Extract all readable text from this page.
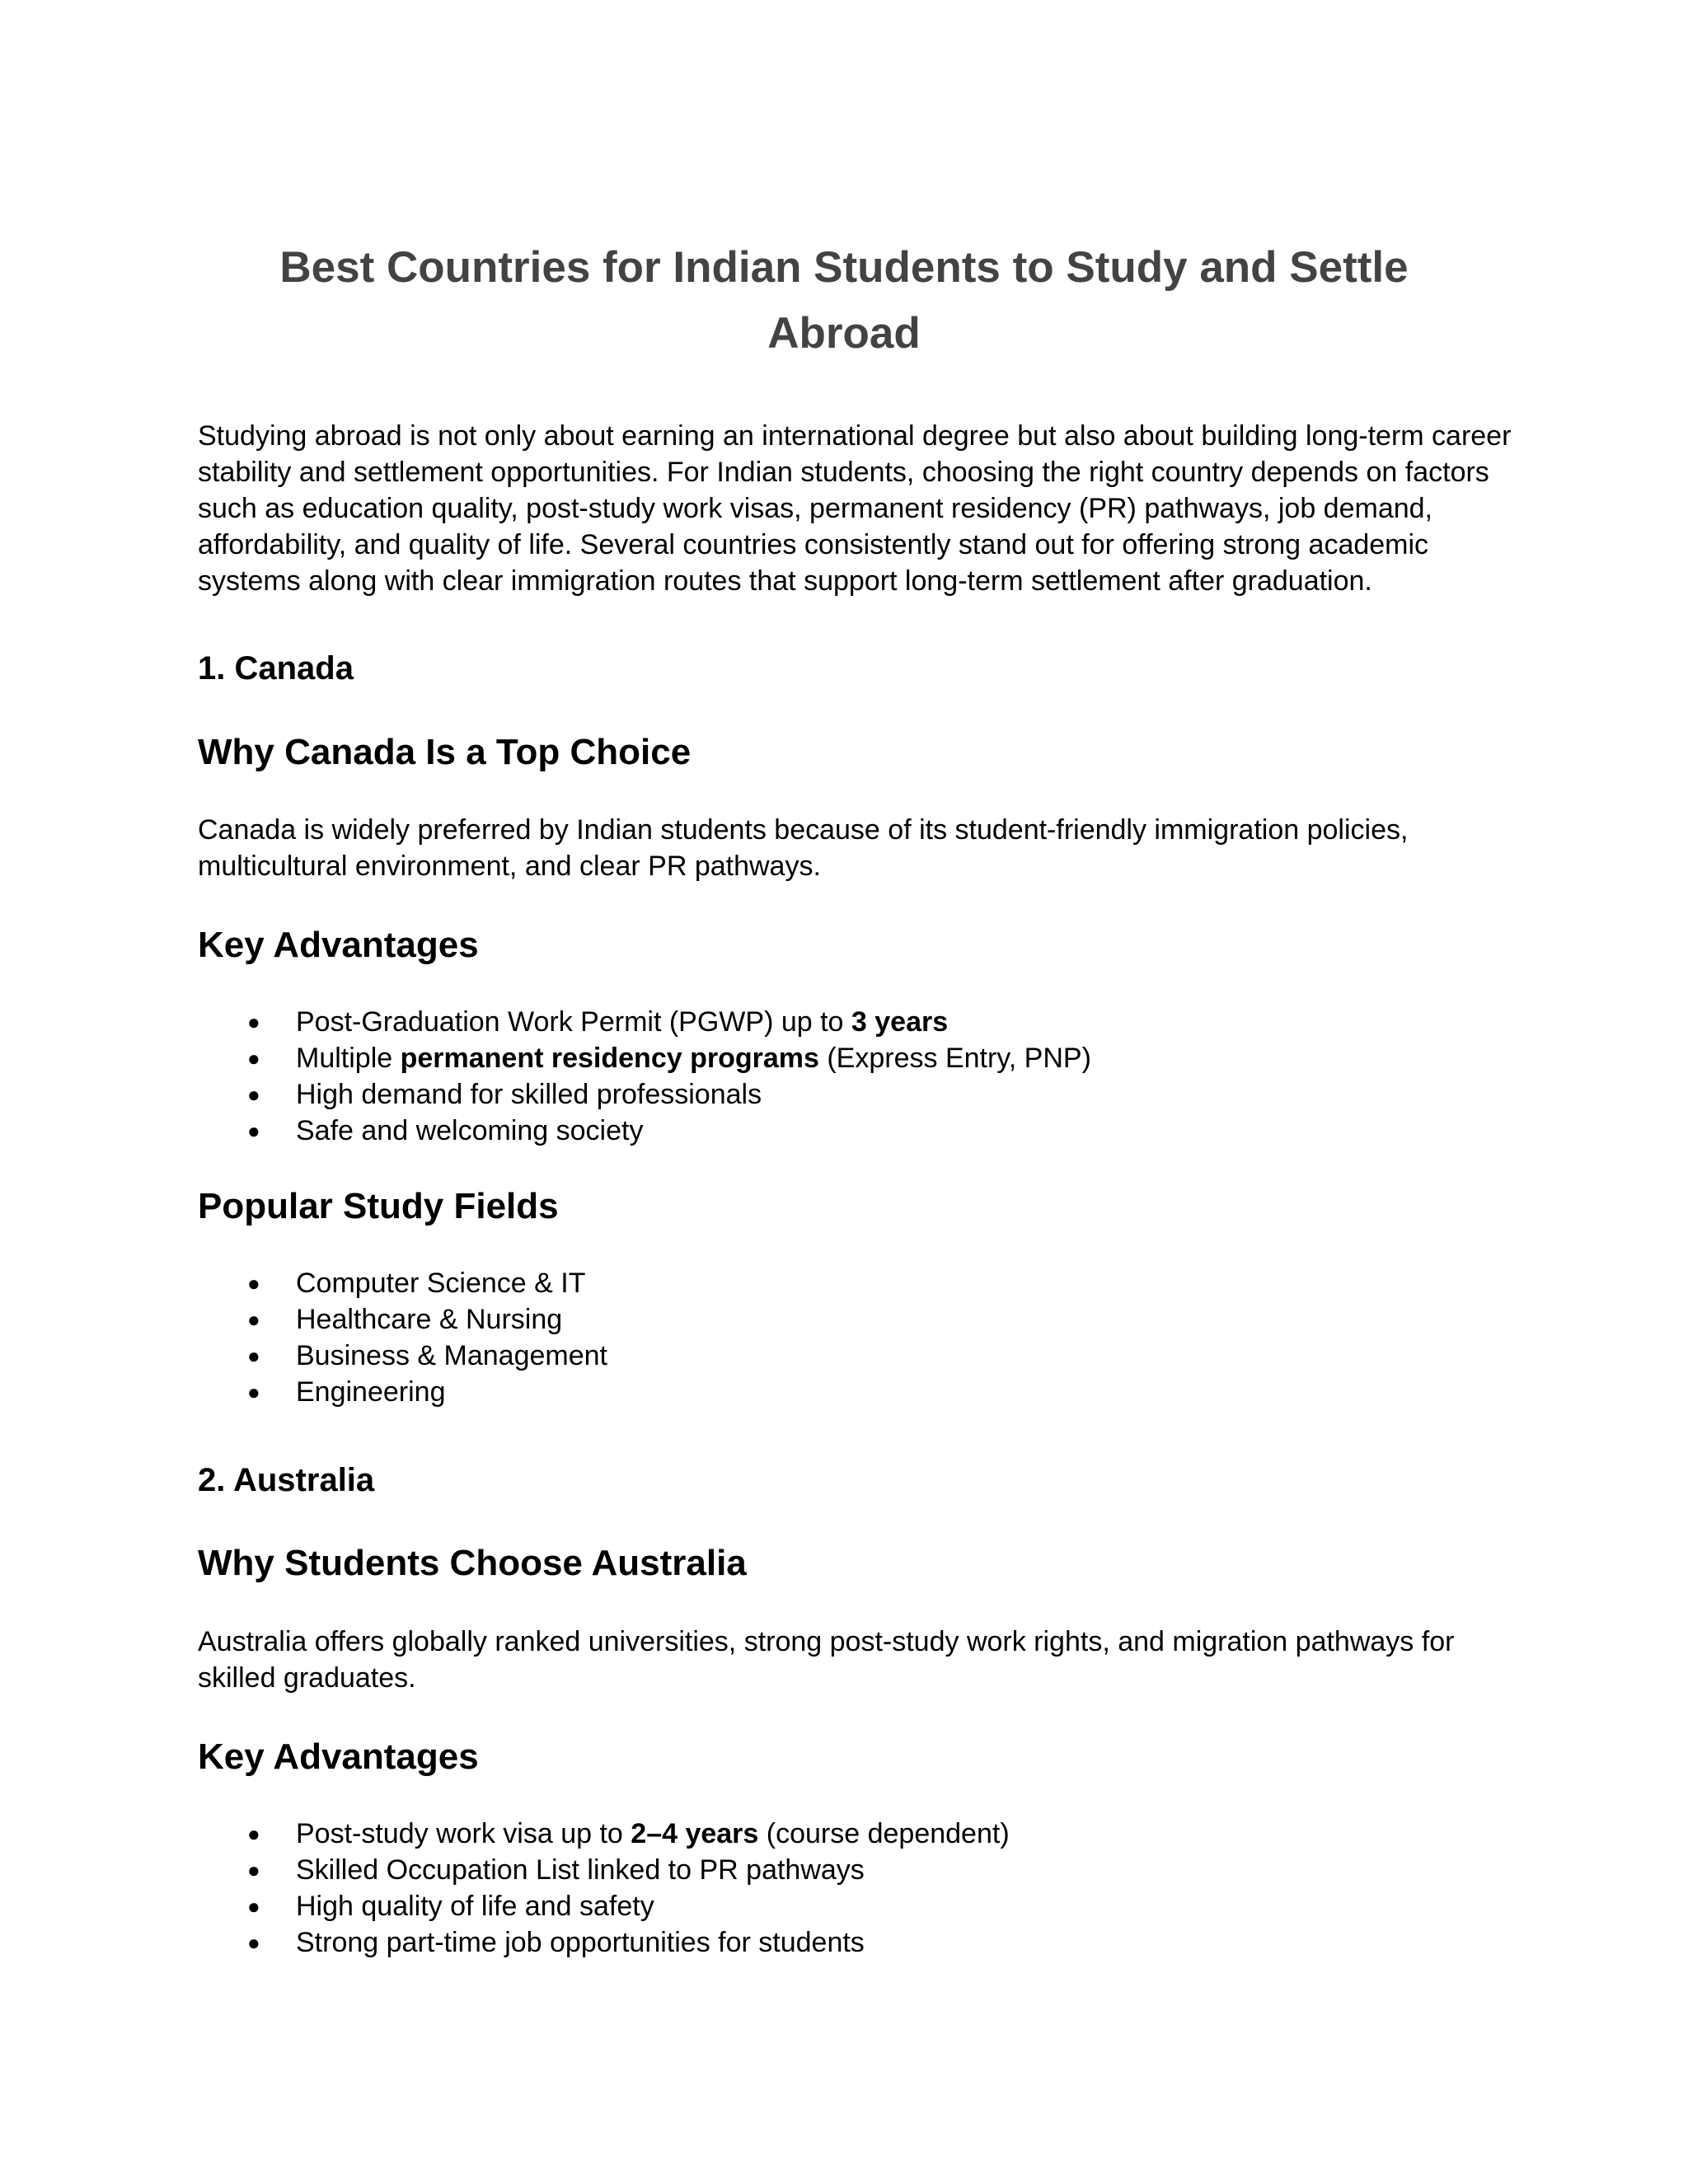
Best Countries for Indian Students to Study and Settle
Abroad

Studying abroad is not only about earning an international degree but also about building long-term career stability and settlement opportunities. For Indian students, choosing the right country depends on factors such as education quality, post-study work visas, permanent residency (PR) pathways, job demand, affordability, and quality of life. Several countries consistently stand out for offering strong academic systems along with clear immigration routes that support long-term settlement after graduation.

1. Canada
Why Canada Is a Top Choice

Canada is widely preferred by Indian students because of its student-friendly immigration policies, multicultural environment, and clear PR pathways.

Key Advantages
● Post-Graduation Work Permit (PGWP) up to 3 years
● Multiple permanent residency programs (Express Entry, PNP)
● High demand for skilled professionals
● Safe and welcoming society
Popular Study Fields
● Computer Science & IT
● Healthcare & Nursing
● Business & Management
● Engineering
2. Australia
Why Students Choose Australia

Australia offers globally ranked universities, strong post-study work rights, and migration pathways for skilled graduates.

Key Advantages
● Post-study work visa up to 2–4 years (course dependent)
● Skilled Occupation List linked to PR pathways
● High quality of life and safety
● Strong part-time job opportunities for students
